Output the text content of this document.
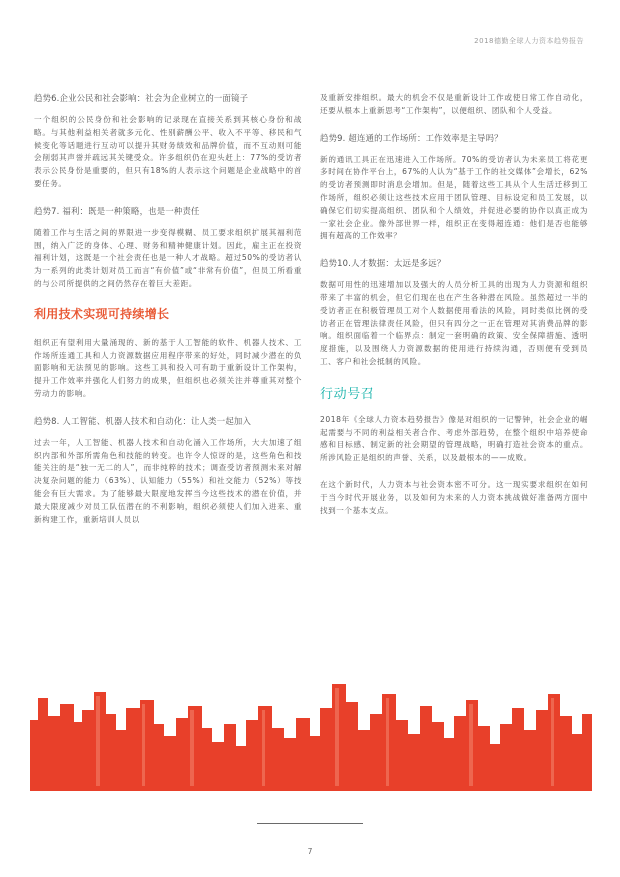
2018德勤全球人力资本趋势报告
趋势6.企业公民和社会影响：社会为企业树立的一面镜子

一个组织的公民身份和社会影响的记录现在直接关系到其核心身份和战略。与其他利益相关者就多元化、性别薪酬公平、收入不平等、移民和气候变化等话题进行互动可以提升其财务绩效和品牌价值，而不互动则可能会削弱其声誉并疏远其关键受众。许多组织仍在迎头赶上：77%的受访者表示公民身份是重要的，但只有18%的人表示这个问题是企业战略中的首要任务。

趋势7. 福利：既是一种策略，也是一种责任

随着工作与生活之间的界限进一步变得模糊、员工要求组织扩展其福利范围，纳入广泛的身体、心理、财务和精神健康计划。因此，雇主正在投资福利计划，这既是一个社会责任也是一种人才战略。超过50%的受访者认为一系列的此类计划对员工而言“有价值”或“非常有价值”，但员工所看重的与公司所提供的之间仍然存在着巨大差距。

利用技术实现可持续增长

组织正有望利用大量涌现的、新的基于人工智能的软件、机器人技术、工作场所连通工具和人力资源数据应用程序带来的好处，同时减少潜在的负面影响和无法预见的影响。这些工具和投入可有助于重新设计工作架构，提升工作效率并强化人们努力的成果，但组织也必须关注并尊重其对整个劳动力的影响。

趋势8. 人工智能、机器人技术和自动化：让人类一起加入

过去一年，人工智能、机器人技术和自动化涌入工作场所，大大加速了组织内部和外部所需角色和技能的转变。也许令人惊讶的是，这些角色和技能关注的是“独一无二的人”，而非纯粹的技术；调查受访者预测未来对解决复杂问题的能力（63%）、认知能力（55%）和社交能力（52%）等技能会有巨大需求。为了能够最大限度地发挥当今这些技术的潜在价值，并最大限度减少对员工队伍潜在的不利影响，组织必须使人们加入进来、重新构建工作，重新培训人员以

及重新安排组织。最大的机会不仅是重新设计工作或使日常工作自动化，还要从根本上重新思考“工作架构”，以便组织、团队和个人受益。

趋势9. 超连通的工作场所：工作效率是主导吗？

新的通讯工具正在迅速进入工作场所。70%的受访者认为未来员工将花更多时间在协作平台上，67%的人认为“基于工作的社交媒体”会增长，62%的受访者预测即时消息会增加。但是，随着这些工具从个人生活迁移到工作场所，组织必须让这些技术应用于团队管理、目标设定和员工发展，以确保它们切实提高组织、团队和个人绩效，并促进必要的协作以真正成为一家社会企业。像外部世界一样，组织正在变得超连通：他们是否也能够拥有超高的工作效率？

趋势10.人才数据：太远是多远？

数据可用性的迅速增加以及强大的人员分析工具的出现为人力资源和组织带来了丰富的机会，但它们现在也在产生各种潜在风险。虽然超过一半的受访者正在积极管理员工对个人数据使用看法的风险，同时类似比例的受访者正在管理法律责任风险，但只有四分之一正在管理对其消费品牌的影响。组织面临着一个临界点：制定一套明确的政策、安全保障措施、透明度措施，以及围绕人力资源数据的使用进行持续沟通，否则便有受到员工、客户和社会抵制的风险。

行动号召

2018年《全球人力资本趋势报告》像是对组织的一记警钟，社会企业的崛起需要与不同的利益相关者合作、考虑外部趋势，在整个组织中培养使命感和目标感、制定新的社会期望的管理战略，明确打造社会资本的重点。所涉风险正是组织的声誉、关系，以及最根本的——成败。

在这个新时代，人力资本与社会资本密不可分。这一现实要求组织在如何于当今时代开展业务，以及如何为未来的人力资本挑战做好准备两方面中找到一个基本支点。

7
